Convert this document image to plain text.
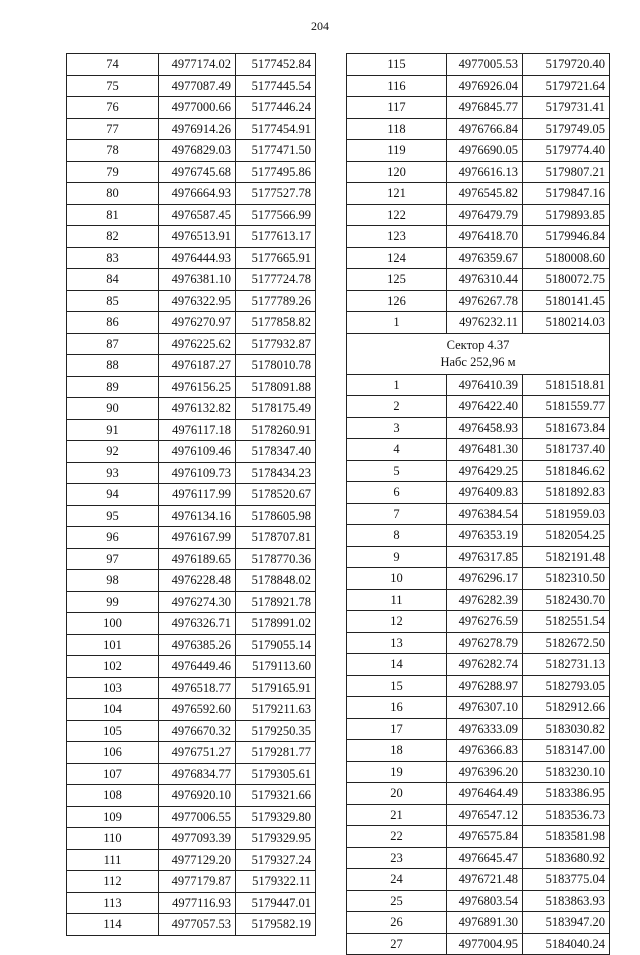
204
74	4977174.02	5177452.84
75	4977087.49	5177445.54
76	4977000.66	5177446.24
77	4976914.26	5177454.91
78	4976829.03	5177471.50
79	4976745.68	5177495.86
80	4976664.93	5177527.78
81	4976587.45	5177566.99
82	4976513.91	5177613.17
83	4976444.93	5177665.91
84	4976381.10	5177724.78
85	4976322.95	5177789.26
86	4976270.97	5177858.82
87	4976225.62	5177932.87
88	4976187.27	5178010.78
89	4976156.25	5178091.88
90	4976132.82	5178175.49
91	4976117.18	5178260.91
92	4976109.46	5178347.40
93	4976109.73	5178434.23
94	4976117.99	5178520.67
95	4976134.16	5178605.98
96	4976167.99	5178707.81
97	4976189.65	5178770.36
98	4976228.48	5178848.02
99	4976274.30	5178921.78
100	4976326.71	5178991.02
101	4976385.26	5179055.14
102	4976449.46	5179113.60
103	4976518.77	5179165.91
104	4976592.60	5179211.63
105	4976670.32	5179250.35
106	4976751.27	5179281.77
107	4976834.77	5179305.61
108	4976920.10	5179321.66
109	4977006.55	5179329.80
110	4977093.39	5179329.95
111	4977129.20	5179327.24
112	4977179.87	5179322.11
113	4977116.93	5179447.01
114	4977057.53	5179582.19
115	4977005.53	5179720.40
116	4976926.04	5179721.64
117	4976845.77	5179731.41
118	4976766.84	5179749.05
119	4976690.05	5179774.40
120	4976616.13	5179807.21
121	4976545.82	5179847.16
122	4976479.79	5179893.85
123	4976418.70	5179946.84
124	4976359.67	5180008.60
125	4976310.44	5180072.75
126	4976267.78	5180141.45
1	4976232.11	5180214.03

Сектор 4.37
Набс 252,96 м		

1	4976410.39	5181518.81
2	4976422.40	5181559.77
3	4976458.93	5181673.84
4	4976481.30	5181737.40
5	4976429.25	5181846.62
6	4976409.83	5181892.83
7	4976384.54	5181959.03
8	4976353.19	5182054.25
9	4976317.85	5182191.48
10	4976296.17	5182310.50
11	4976282.39	5182430.70
12	4976276.59	5182551.54
13	4976278.79	5182672.50
14	4976282.74	5182731.13
15	4976288.97	5182793.05
16	4976307.10	5182912.66
17	4976333.09	5183030.82
18	4976366.83	5183147.00
19	4976396.20	5183230.10
20	4976464.49	5183386.95
21	4976547.12	5183536.73
22	4976575.84	5183581.98
23	4976645.47	5183680.92
24	4976721.48	5183775.04
25	4976803.54	5183863.93
26	4976891.30	5183947.20
27	4977004.95	5184040.24
